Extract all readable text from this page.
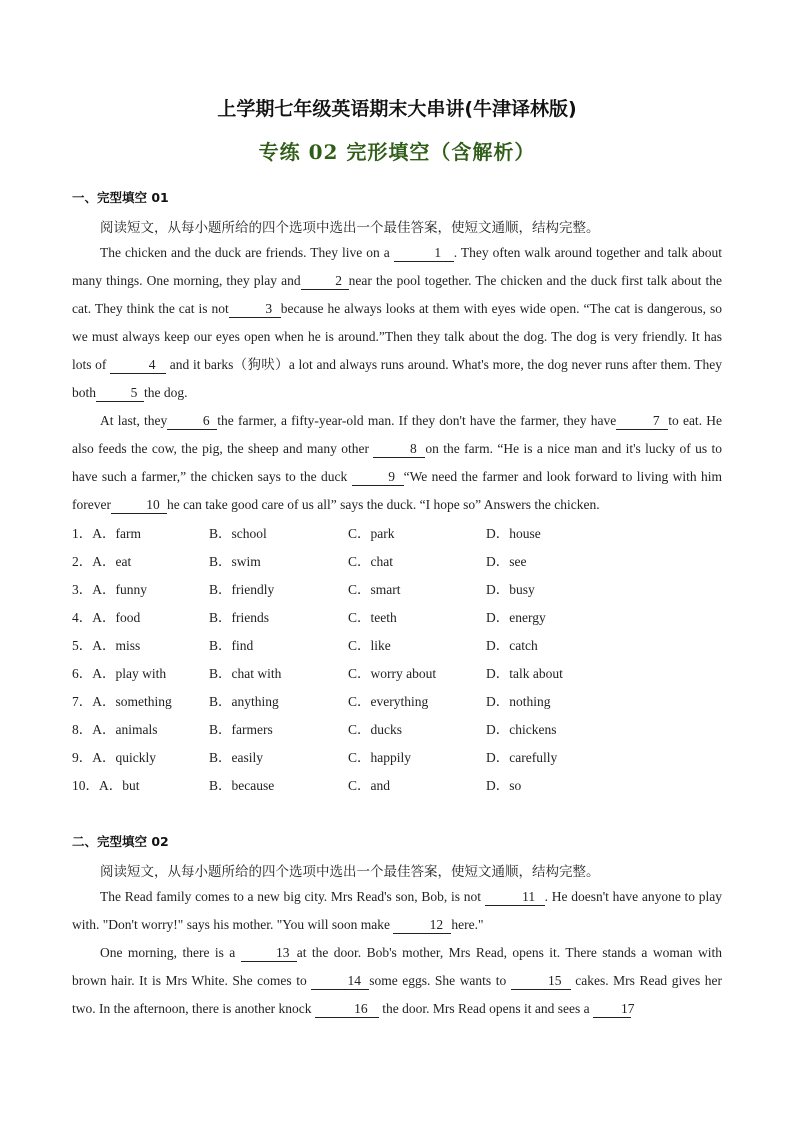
上学期七年级英语期末大串讲(牛津译林版)
专练 02 完形填空（含解析）
一、完型填空 01
阅读短文，从每小题所给的四个选项中选出一个最佳答案，使短文通顺，结构完整。

The chicken and the duck are friends. They live on a	1 . They often walk around together and talk about many things. One morning, they play and	2 near the pool together. The chicken and the duck first talk about the cat. They think the cat is not	3 because he always looks at them with eyes wide open. “The cat is dangerous, so we must always keep our eyes open when he is around.”Then they talk about the dog. The dog is very friendly. It has lots of	4 and it barks（狗吠）a lot and always runs around. What's more, the dog never runs after them. They both	5 the dog.

At last, they	6 the farmer, a fifty-year-old man. If they don't have the farmer, they have	7 to eat. He also feeds the cow, the pig, the sheep and many other	8 on the farm. “He is a nice man and it's lucky of us to have such a farmer,” the chicken says to the duck	9 “We need the farmer and look forward to living with him forever	10 he can take good care of us all” says the duck. “I hope so” Answers the chicken.

1．A．farm	B．school	C．park	D．house
2．A．eat	B．swim	C．chat	D．see
3．A．funny	B．friendly	C．smart	D．busy
4．A．food	B．friends	C．teeth	D．energy
5．A．miss	B．find	C．like	D．catch
6．A．play with	B．chat with	C．worry about	D．talk about
7．A．something	B．anything	C．everything	D．nothing
8．A．animals	B．farmers	C．ducks	D．chickens
9．A．quickly	B．easily	C．happily	D．carefully
10．A．but	B．because	C．and	D．so
二、完型填空 02
阅读短文，从每小题所给的四个选项中选出一个最佳答案，使短文通顺，结构完整。

The Read family comes to a new big city. Mrs Read's son, Bob, is not	11 . He doesn't have anyone to play with. "Don't worry!" says his mother. "You will soon make	12 here."

One morning, there is a	13 at the door. Bob's mother, Mrs Read, opens it. There stands a woman with brown hair. It is Mrs White. She comes to	14 some eggs. She wants to	15 cakes. Mrs Read gives her two. In the afternoon, there is another knock	16 the door. Mrs Read opens it and sees a 17
